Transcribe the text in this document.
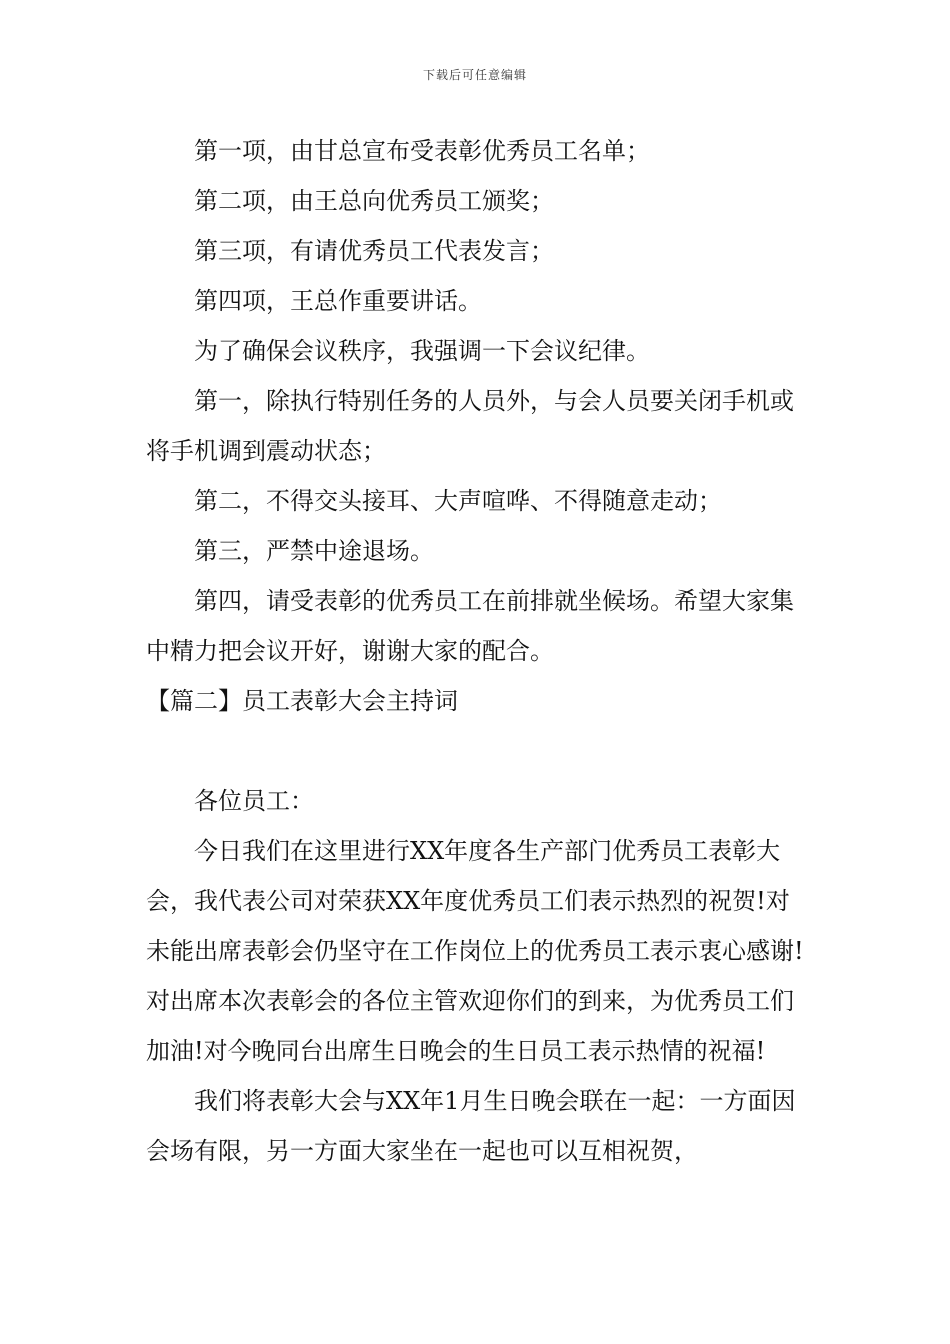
下载后可任意编辑

第一项，由甘总宣布受表彰优秀员工名单；

第二项，由王总向优秀员工颁奖；

第三项，有请优秀员工代表发言；

第四项，王总作重要讲话。

为了确保会议秩序，我强调一下会议纪律。

第一，除执行特别任务的人员外，与会人员要关闭手机或将手机调到震动状态；

第二，不得交头接耳、大声喧哗、不得随意走动；

第三，严禁中途退场。

第四，请受表彰的优秀员工在前排就坐候场。希望大家集中精力把会议开好，谢谢大家的配合。

【篇二】员工表彰大会主持词

各位员工：

今日我们在这里进行XX年度各生产部门优秀员工表彰大会，我代表公司对荣获XX年度优秀员工们表示热烈的祝贺!对未能出席表彰会仍坚守在工作岗位上的优秀员工表示衷心感谢!对出席本次表彰会的各位主管欢迎你们的到来，为优秀员工们加油!对今晚同台出席生日晚会的生日员工表示热情的祝福!

我们将表彰大会与XX年1月生日晚会联在一起：一方面因会场有限，另一方面大家坐在一起也可以互相祝贺，
